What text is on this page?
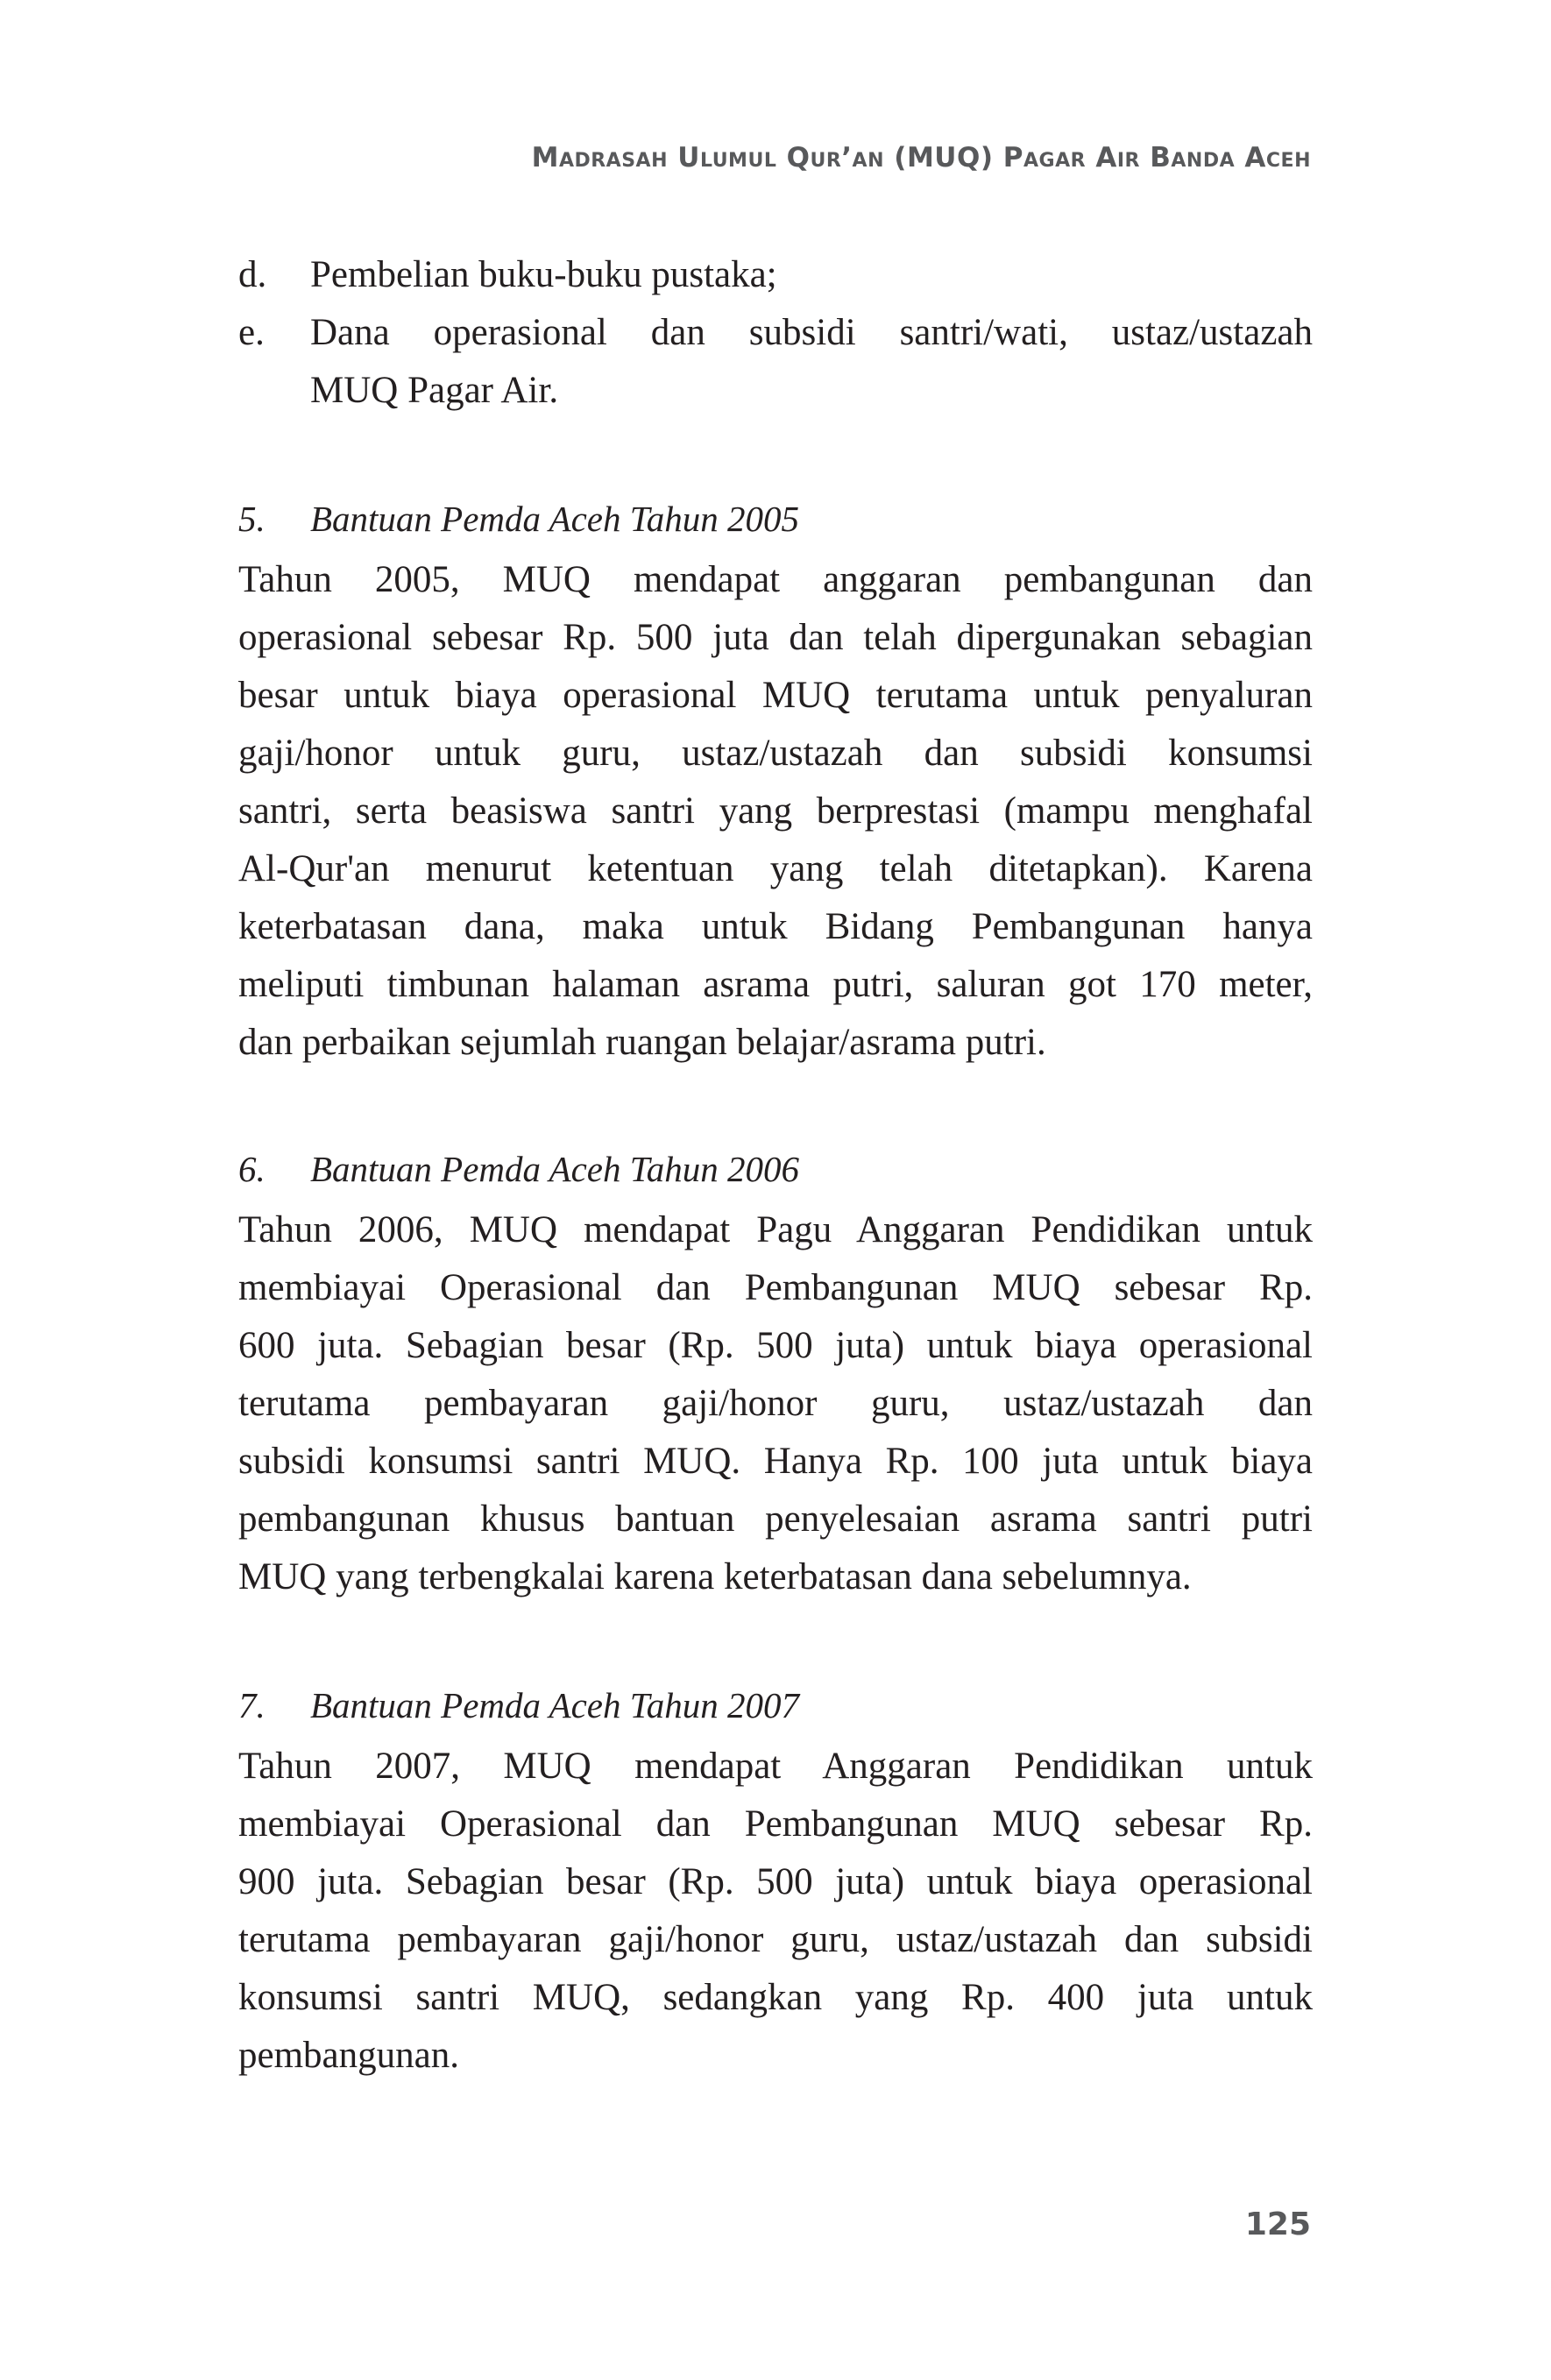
Madrasah Ulumul Qur’an (MUQ) Pagar Air Banda Aceh
d. Pembelian buku-buku pustaka;
e. Dana operasional dan subsidi santri/wati, ustaz/ustazah
MUQ Pagar Air.
5. Bantuan Pemda Aceh Tahun 2005
Tahun 2005, MUQ mendapat anggaran pembangunan dan
operasional sebesar Rp. 500 juta dan telah dipergunakan sebagian
besar untuk biaya operasional MUQ terutama untuk penyaluran
gaji/honor untuk guru, ustaz/ustazah dan subsidi konsumsi
santri, serta beasiswa santri yang berprestasi (mampu menghafal
Al-Qur'an menurut ketentuan yang telah ditetapkan). Karena
keterbatasan dana, maka untuk Bidang Pembangunan hanya
meliputi timbunan halaman asrama putri, saluran got 170 meter,
dan perbaikan sejumlah ruangan belajar/asrama putri.
6. Bantuan Pemda Aceh Tahun 2006
Tahun 2006, MUQ mendapat Pagu Anggaran Pendidikan untuk
membiayai Operasional dan Pembangunan MUQ sebesar Rp.
600 juta. Sebagian besar (Rp. 500 juta) untuk biaya operasional
terutama pembayaran gaji/honor guru, ustaz/ustazah dan
subsidi konsumsi santri MUQ. Hanya Rp. 100 juta untuk biaya
pembangunan khusus bantuan penyelesaian asrama santri putri
MUQ yang terbengkalai karena keterbatasan dana sebelumnya.
7. Bantuan Pemda Aceh Tahun 2007
Tahun 2007, MUQ mendapat Anggaran Pendidikan untuk
membiayai Operasional dan Pembangunan MUQ sebesar Rp.
900 juta. Sebagian besar (Rp. 500 juta) untuk biaya operasional
terutama pembayaran gaji/honor guru, ustaz/ustazah dan subsidi
konsumsi santri MUQ, sedangkan yang Rp. 400 juta untuk
pembangunan.
125
